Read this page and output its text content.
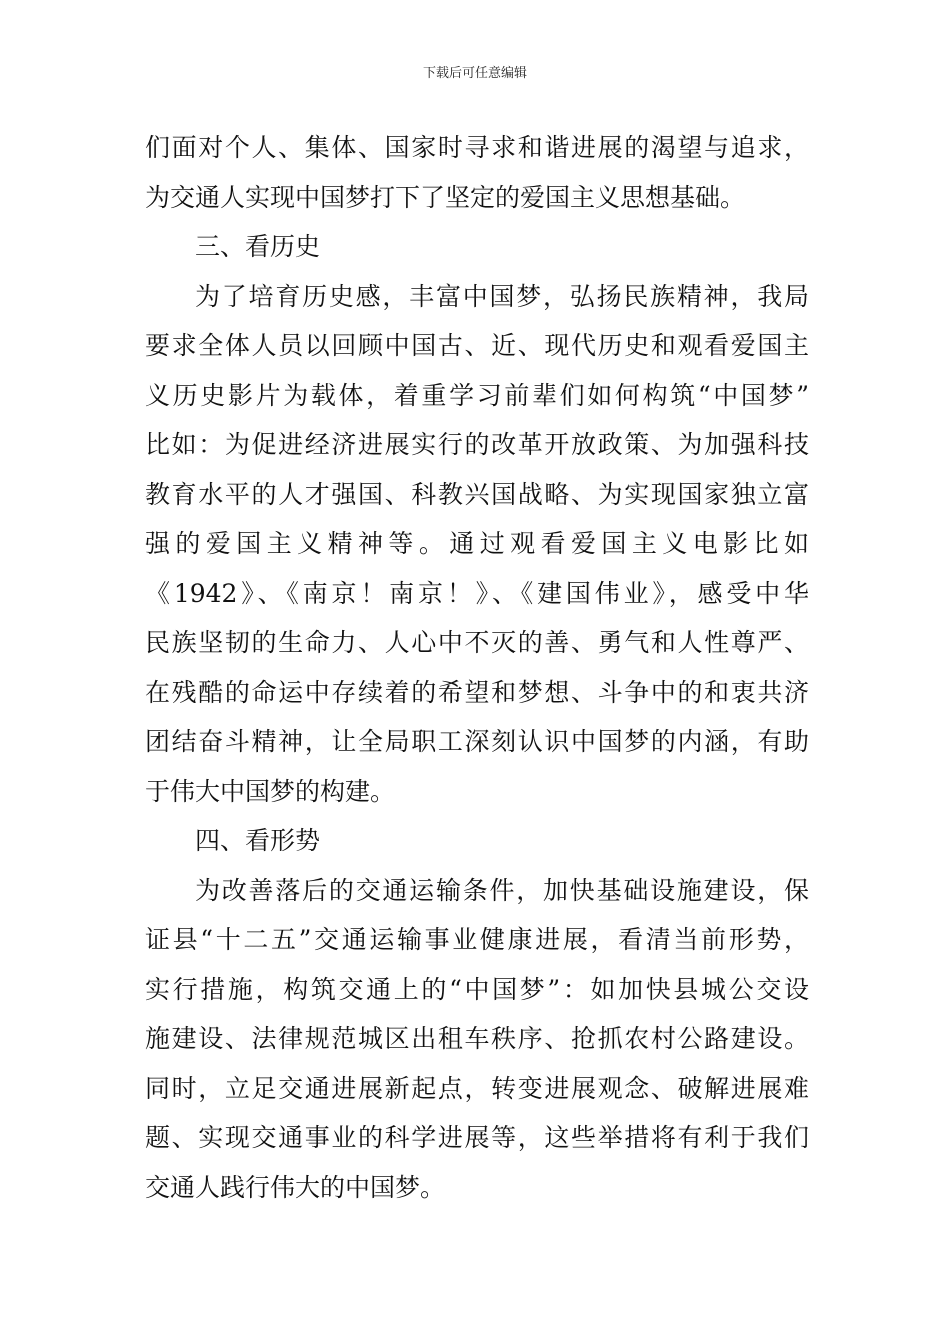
下载后可任意编辑
们面对个人、集体、国家时寻求和谐进展的渴望与追求，
为交通人实现中国梦打下了坚定的爱国主义思想基础。
三、看历史
为了培育历史感，丰富中国梦，弘扬民族精神，我局
要求全体人员以回顾中国古、近、现代历史和观看爱国主
义历史影片为载体，着重学习前辈们如何构筑“中国梦”
比如：为促进经济进展实行的改革开放政策、为加强科技
教育水平的人才强国、科教兴国战略、为实现国家独立富
强的爱国主义精神等。通过观看爱国主义电影比如
《1942》、《南京！南京！》、《建国伟业》，感受中华
民族坚韧的生命力、人心中不灭的善、勇气和人性尊严、
在残酷的命运中存续着的希望和梦想、斗争中的和衷共济
团结奋斗精神，让全局职工深刻认识中国梦的内涵，有助
于伟大中国梦的构建。
四、看形势
为改善落后的交通运输条件，加快基础设施建设，保
证县“十二五”交通运输事业健康进展，看清当前形势，
实行措施，构筑交通上的“中国梦”：如加快县城公交设
施建设、法律规范城区出租车秩序、抢抓农村公路建设。
同时，立足交通进展新起点，转变进展观念、破解进展难
题、实现交通事业的科学进展等，这些举措将有利于我们
交通人践行伟大的中国梦。
